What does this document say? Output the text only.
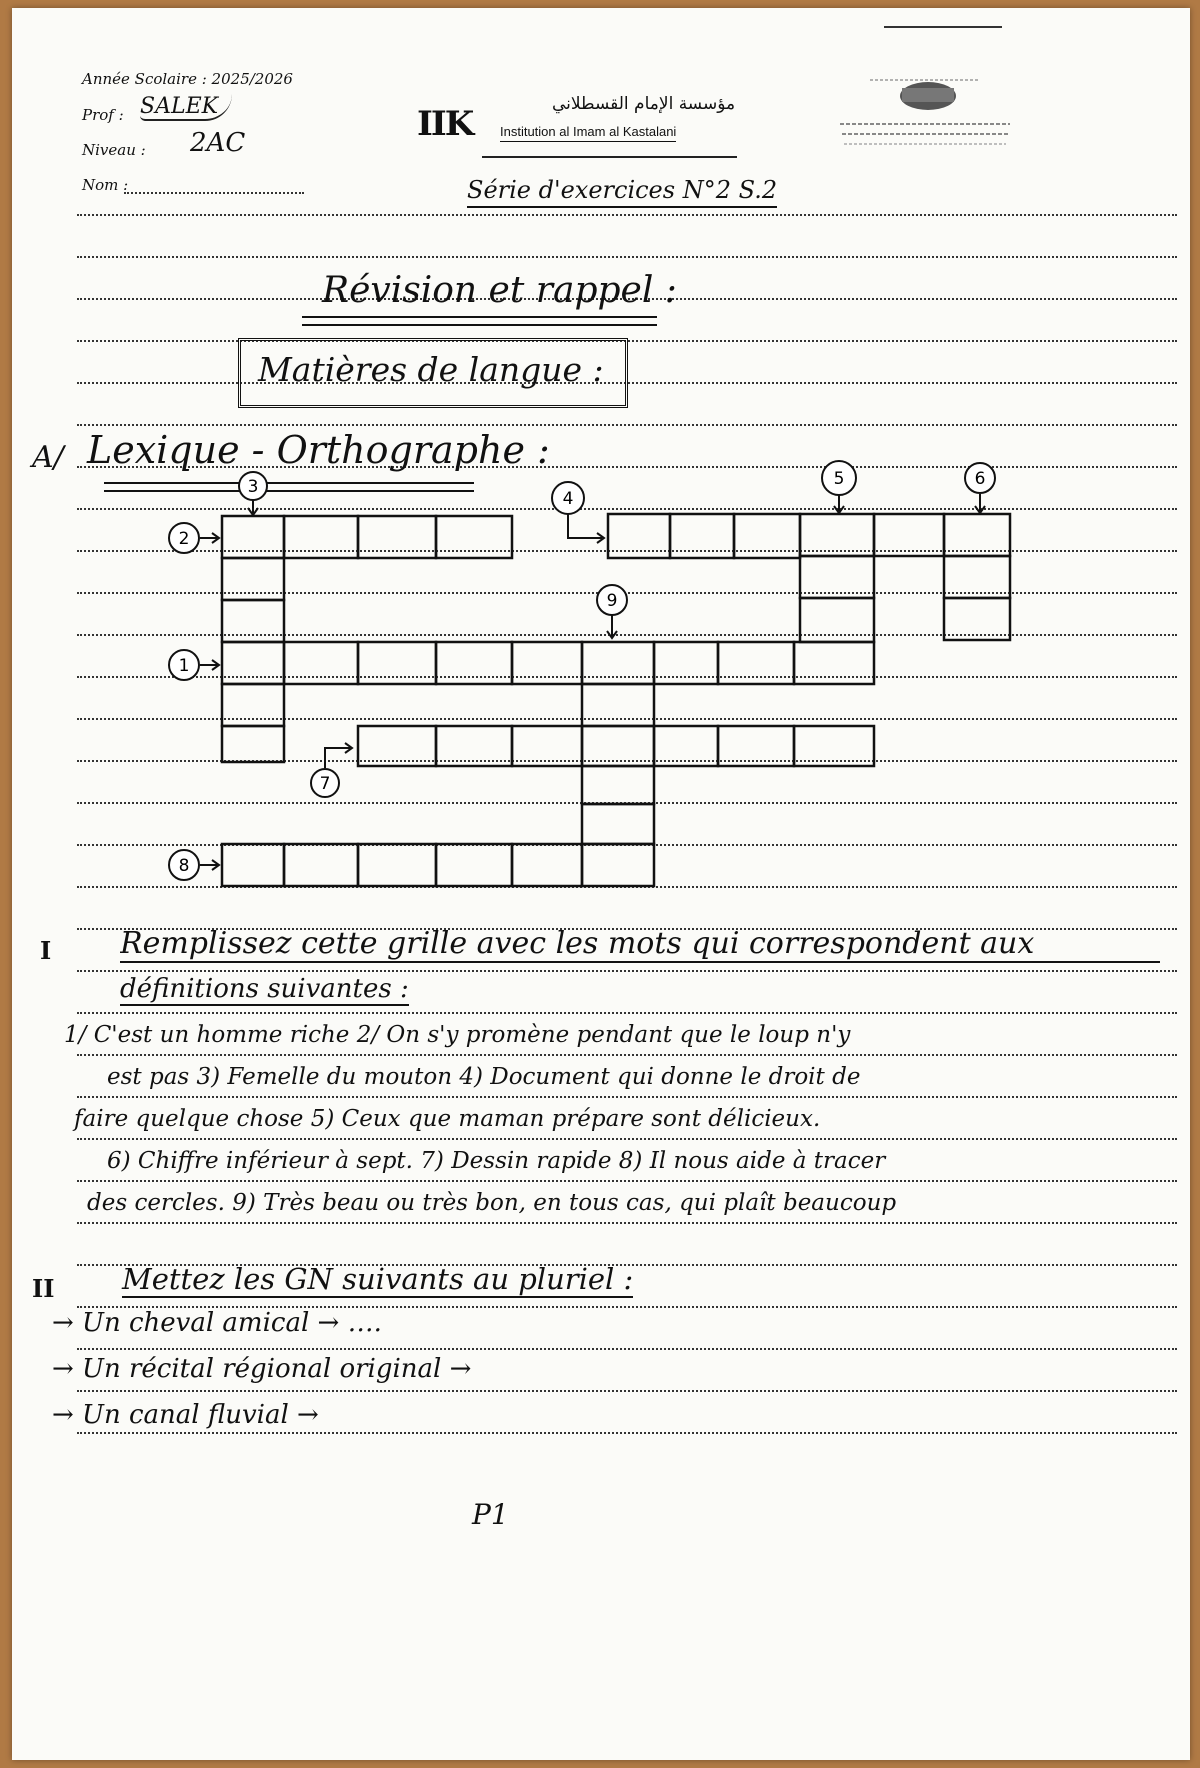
Année Scolaire : 2025/2026
Prof : SALEK
Niveau : 2AC
Nom :
IIK	مؤسسة الإمام القسطلاني
Institution al Imam al Kastalani
Série d'exercices N°2 S.2
Révision et rappel :
Matières de langue :
A/ Lexique - Orthographe :
2
3
4
5	6
9
1
7
8
I Remplissez cette grille avec les mots qui correspondent aux
définitions suivantes :
1/ C'est un homme riche 2/ On s'y promène pendant que le loup n'y
est pas 3) Femelle du mouton 4) Document qui donne le droit de
faire quelque chose 5) Ceux que maman prépare sont délicieux.
6) Chiffre inférieur à sept. 7) Dessin rapide 8) Il nous aide à tracer
des cercles. 9) Très beau ou très bon, en tous cas, qui plaît beaucoup
II Mettez les GN suivants au pluriel :
→ Un cheval amical → ….
→ Un récital régional original →
→ Un canal fluvial →
P1
